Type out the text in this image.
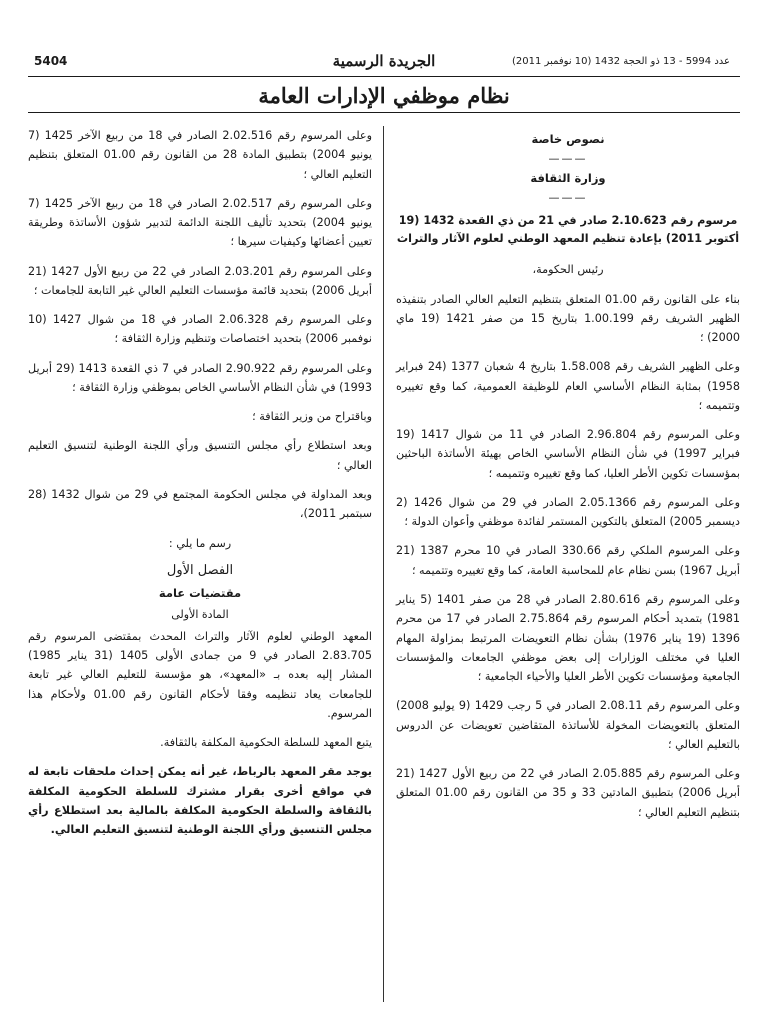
5404	الجريدة الرسمية	عدد 5994 - 13 ذو الحجة 1432 (10 نوفمبر 2011)
نظام موظفي الإدارات العامة
نصوص خاصة
———
وزارة الثقافة
———
مرسوم رقم 2.10.623 صادر في 21 من ذي القعدة 1432 (19 أكتوبر 2011) بإعادة تنظيم المعهد الوطني لعلوم الآثار والتراث

رئيس الحكومة،

بناء على القانون رقم 01.00 المتعلق بتنظيم التعليم العالي الصادر بتنفيذه الظهير الشريف رقم 1.00.199 بتاريخ 15 من صفر 1421 (19 ماي 2000) ؛

وعلى الظهير الشريف رقم 1.58.008 بتاريخ 4 شعبان 1377 (24 فبراير 1958) بمثابة النظام الأساسي العام للوظيفة العمومية، كما وقع تغييره وتتميمه ؛

وعلى المرسوم رقم 2.96.804 الصادر في 11 من شوال 1417 (19 فبراير 1997) في شأن النظام الأساسي الخاص بهيئة الأساتذة الباحثين بمؤسسات تكوين الأطر العليا، كما وقع تغييره وتتميمه ؛

وعلى المرسوم رقم 2.05.1366 الصادر في 29 من شوال 1426 (2 ديسمبر 2005) المتعلق بالتكوين المستمر لفائدة موظفي وأعوان الدولة ؛

وعلى المرسوم الملكي رقم 330.66 الصادر في 10 محرم 1387 (21 أبريل 1967) بسن نظام عام للمحاسبة العامة، كما وقع تغييره وتتميمه ؛

وعلى المرسوم رقم 2.80.616 الصادر في 28 من صفر 1401 (5 يناير 1981) بتمديد أحكام المرسوم رقم 2.75.864 الصادر في 17 من محرم 1396 (19 يناير 1976) بشأن نظام التعويضات المرتبط بمزاولة المهام العليا في مختلف الوزارات إلى بعض موظفي الجامعات والمؤسسات الجامعية ومؤسسات تكوين الأطر العليا والأحياء الجامعية ؛

وعلى المرسوم رقم 2.08.11 الصادر في 5 رجب 1429 (9 يوليو 2008) المتعلق بالتعويضات المخولة للأساتذة المتقاضين تعويضات عن الدروس بالتعليم العالي ؛

وعلى المرسوم رقم 2.05.885 الصادر في 22 من ربيع الأول 1427 (21 أبريل 2006) بتطبيق المادتين 33 و 35 من القانون رقم 01.00 المتعلق بتنظيم التعليم العالي ؛

وعلى المرسوم رقم 2.02.516 الصادر في 18 من ربيع الآخر 1425 (7 يونيو 2004) بتطبيق المادة 28 من القانون رقم 01.00 المتعلق بتنظيم التعليم العالي ؛

وعلى المرسوم رقم 2.02.517 الصادر في 18 من ربيع الآخر 1425 (7 يونيو 2004) بتحديد تأليف اللجنة الدائمة لتدبير شؤون الأساتذة وطريقة تعيين أعضائها وكيفيات سيرها ؛

وعلى المرسوم رقم 2.03.201 الصادر في 22 من ربيع الأول 1427 (21 أبريل 2006) بتحديد قائمة مؤسسات التعليم العالي غير التابعة للجامعات ؛

وعلى المرسوم رقم 2.06.328 الصادر في 18 من شوال 1427 (10 نوفمبر 2006) بتحديد اختصاصات وتنظيم وزارة الثقافة ؛

وعلى المرسوم رقم 2.90.922 الصادر في 7 ذي القعدة 1413 (29 أبريل 1993) في شأن النظام الأساسي الخاص بموظفي وزارة الثقافة ؛

وباقتراح من وزير الثقافة ؛

وبعد استطلاع رأي مجلس التنسيق ورأي اللجنة الوطنية لتنسيق التعليم العالي ؛

وبعد المداولة في مجلس الحكومة المجتمع في 29 من شوال 1432 (28 سبتمبر 2011)،

رسم ما يلي :

الفصل الأول
مقتضيات عامة
المادة الأولى

المعهد الوطني لعلوم الآثار والتراث المحدث بمقتضى المرسوم رقم 2.83.705 الصادر في 9 من جمادى الأولى 1405 (31 يناير 1985) المشار إليه بعده بـ «المعهد»، هو مؤسسة للتعليم العالي غير تابعة للجامعات يعاد تنظيمه وفقا لأحكام القانون رقم 01.00 ولأحكام هذا المرسوم.

يتبع المعهد للسلطة الحكومية المكلفة بالثقافة.

يوجد مقر المعهد بالرباط، غير أنه يمكن إحداث ملحقات تابعة له في مواقع أخرى بقرار مشترك للسلطة الحكومية المكلفة بالثقافة والسلطة الحكومية المكلفة بالمالية بعد استطلاع رأي مجلس التنسيق ورأي اللجنة الوطنية لتنسيق التعليم العالي.
